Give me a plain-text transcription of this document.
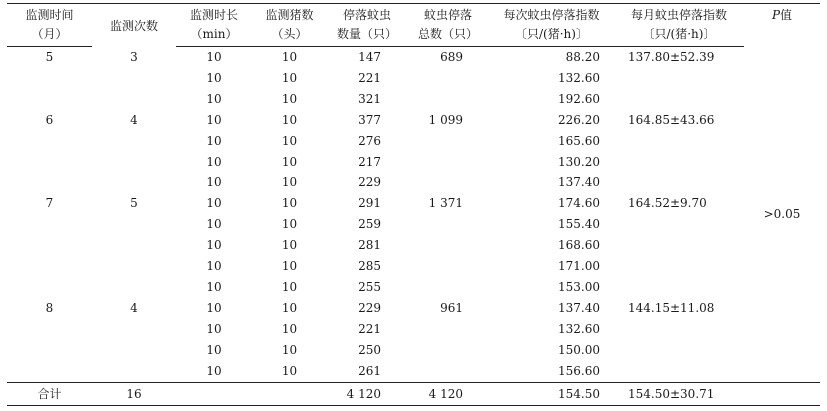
监测时间	监测次数	监测时长	监测猪数	停落蚊虫	蚊虫停落	每次蚊虫停落指数	每月蚊虫停落指数	P值
（月）		（min）	（头）	数量（只）	总数（只）	〔只/(猪·h)〕	〔只/(猪·h)〕	
5	3	10	10	147	689	88.20	137.80±52.39	>0.05
		10	10	221		132.60		
		10	10	321		192.60		
6	4	10	10	377	1 099	226.20	164.85±43.66	
		10	10	276		165.60		
		10	10	217		130.20		
		10	10	229		137.40		
7	5	10	10	291	1 371	174.60	164.52±9.70	
		10	10	259		155.40		
		10	10	281		168.60		
		10	10	285		171.00		
		10	10	255		153.00		
8	4	10	10	229	961	137.40	144.15±11.08	
		10	10	221		132.60		
		10	10	250		150.00		
		10	10	261		156.60		
合计	16			4 120	4 120	154.50	154.50±30.71	
